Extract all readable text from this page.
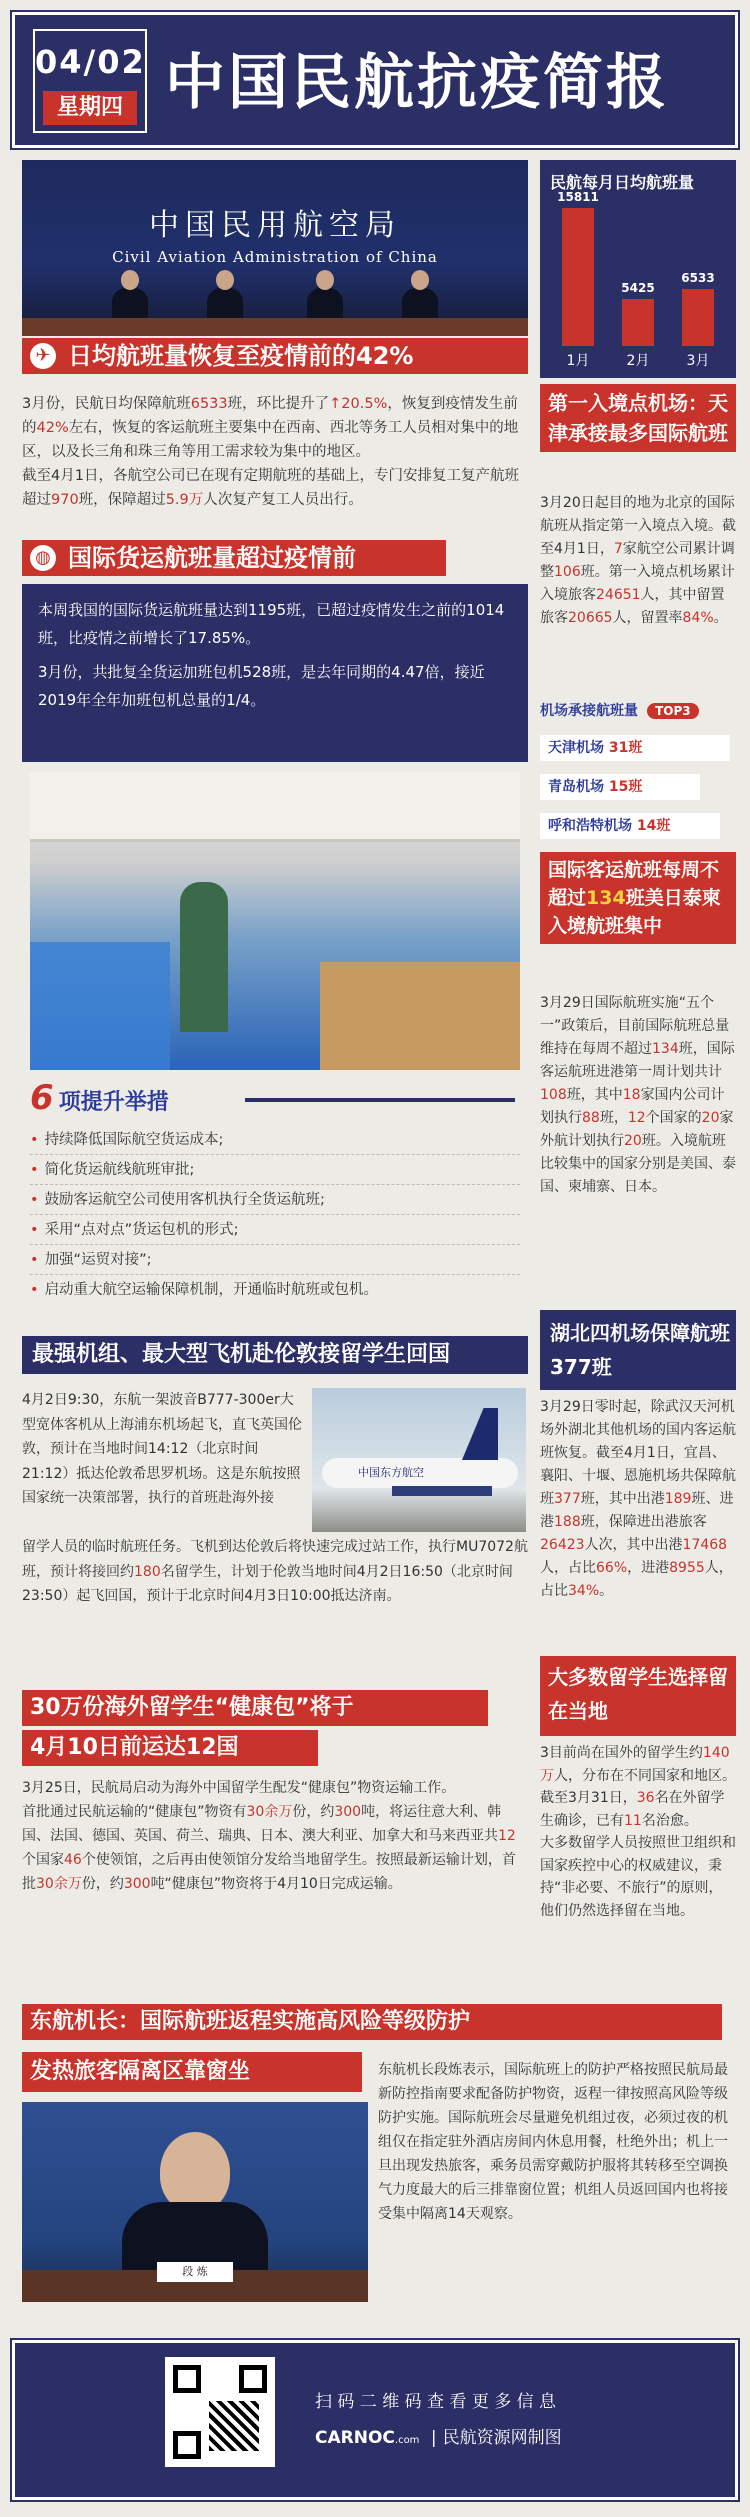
04/02
星期四 中国民航抗疫简报
中国民用航空局
Civil Aviation Administration of China
✈ 日均航班量恢复至疫情前的42%
3月份，民航日均保障航班6533班，环比提升了↑20.5%，恢复到疫情发生前的42%左右，恢复的客运航班主要集中在西南、西北等务工人员相对集中的地区，以及长三角和珠三角等用工需求较为集中的地区。
截至4月1日，各航空公司已在现有定期航班的基础上，专门安排复工复产航班超过970班，保障超过5.9万人次复产复工人员出行。
民航每月日均航班量
15811
5425
6533
1月	2月	3月
第一入境点机场：天津承接最多国际航班
3月20日起目的地为北京的国际航班从指定第一入境点入境。截至4月1日，7家航空公司累计调整106班。第一入境点机场累计入境旅客24651人，其中留置旅客20665人，留置率84%。
机场承接航班量 TOP3
天津机场 31班
青岛机场 15班
呼和浩特机场 14班
◍ 国际货运航班量超过疫情前
本周我国的国际货运航班量达到1195班，已超过疫情发生之前的1014班，比疫情之前增长了17.85%。
3月份，共批复全货运加班包机528班，是去年同期的4.47倍，接近2019年全年加班包机总量的1/4。
6 项提升举措
• 持续降低国际航空货运成本;
• 简化货运航线航班审批;
• 鼓励客运航空公司使用客机执行全货运航班;
• 采用“点对点”货运包机的形式;
• 加强“运贸对接”;
• 启动重大航空运输保障机制，开通临时航班或包机。
国际客运航班每周不超过134班美日泰柬入境航班集中
3月29日国际航班实施“五个一”政策后，目前国际航班总量维持在每周不超过134班，国际客运航班进港第一周计划共计108班，其中18家国内公司计划执行88班，12个国家的20家外航计划执行20班。入境航班比较集中的国家分别是美国、泰国、柬埔寨、日本。
最强机组、最大型飞机赴伦敦接留学生回国
4月2日9:30，东航一架波音B777-300er大型宽体客机从上海浦东机场起飞，直飞英国伦敦，预计在当地时间14:12（北京时间21:12）抵达伦敦希思罗机场。这是东航按照国家统一决策部署，执行的首班赴海外接
留学人员的临时航班任务。飞机到达伦敦后将快速完成过站工作，执行MU7072航班，预计将接回约180名留学生，计划于伦敦当地时间4月2日16:50（北京时间23:50）起飞回国，预计于北京时间4月3日10:00抵达济南。
中国东方航空
湖北四机场保障航班377班
3月29日零时起，除武汉天河机场外湖北其他机场的国内客运航班恢复。截至4月1日，宜昌、襄阳、十堰、恩施机场共保障航班377班，其中出港189班、进港188班，保障进出港旅客26423人次，其中出港17468人，占比66%，进港8955人，占比34%。
30万份海外留学生“健康包”将于
4月10日前运达12国
3月25日，民航局启动为海外中国留学生配发“健康包”物资运输工作。
首批通过民航运输的“健康包”物资有30余万份，约300吨，将运往意大利、韩国、法国、德国、英国、荷兰、瑞典、日本、澳大利亚、加拿大和马来西亚共12个国家46个使领馆，之后再由使领馆分发给当地留学生。按照最新运输计划，首批30余万份，约300吨“健康包”物资将于4月10日完成运输。
大多数留学生选择留在当地
3目前尚在国外的留学生约140万人，分布在不同国家和地区。截至3月31日，36名在外留学生确诊，已有11名治愈。
大多数留学人员按照世卫组织和国家疾控中心的权威建议，秉持“非必要、不旅行”的原则，他们仍然选择留在当地。
东航机长：国际航班返程实施高风险等级防护
发热旅客隔离区靠窗坐
段 炼
东航机长段炼表示，国际航班上的防护严格按照民航局最新防控指南要求配备防护物资，返程一律按照高风险等级防护实施。国际航班会尽量避免机组过夜，必须过夜的机组仅在指定驻外酒店房间内休息用餐，杜绝外出；机上一旦出现发热旅客，乘务员需穿戴防护服将其转移至空调换气力度最大的后三排靠窗位置；机组人员返回国内也将接受集中隔离14天观察。
扫 码 二 维 码 查 看 更 多 信 息
CARNOC.com | 民航资源网制图
